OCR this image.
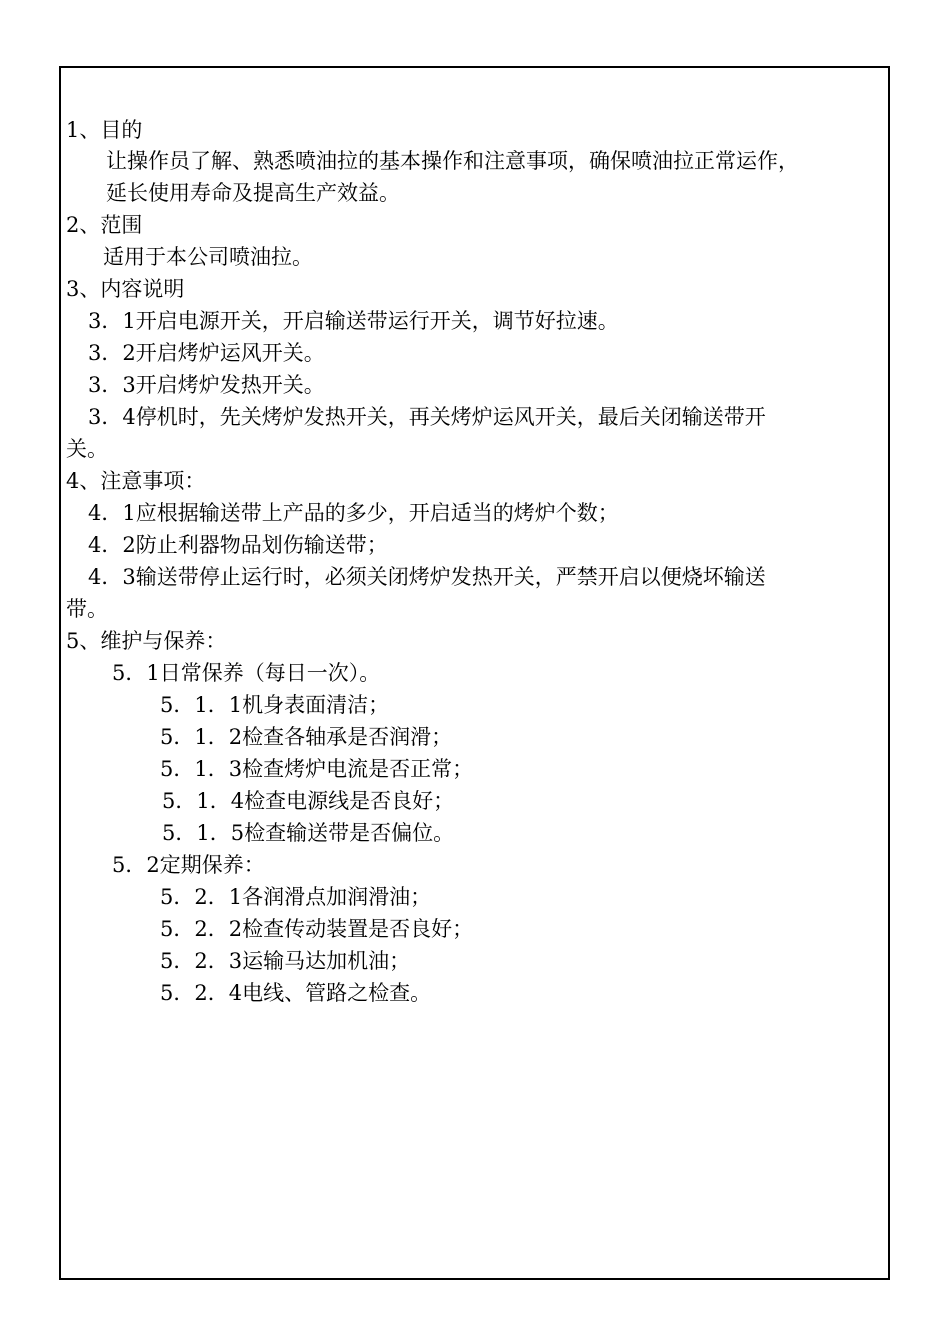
1、目的
让操作员了解、熟悉喷油拉的基本操作和注意事项，确保喷油拉正常运作，
延长使用寿命及提高生产效益。
2、范围
适用于本公司喷油拉。
3、内容说明
3．1开启电源开关，开启输送带运行开关，调节好拉速。
3．2开启烤炉运风开关。
3．3开启烤炉发热开关。
3．4停机时，先关烤炉发热开关，再关烤炉运风开关，最后关闭输送带开
关。
4、注意事项：
4．1应根据输送带上产品的多少，开启适当的烤炉个数；
4．2防止利器物品划伤输送带；
4．3输送带停止运行时，必须关闭烤炉发热开关，严禁开启以便烧坏输送
带。
5、维护与保养：
5．1日常保养（每日一次）。
5．1．1机身表面清洁；
5．1．2检查各轴承是否润滑；
5．1．3检查烤炉电流是否正常；
5．1．4检查电源线是否良好；
5．1．5检查输送带是否偏位。
5．2定期保养：
5．2．1各润滑点加润滑油；
5．2．2检查传动装置是否良好；
5．2．3运输马达加机油；
5．2．4电线、管路之检查。
